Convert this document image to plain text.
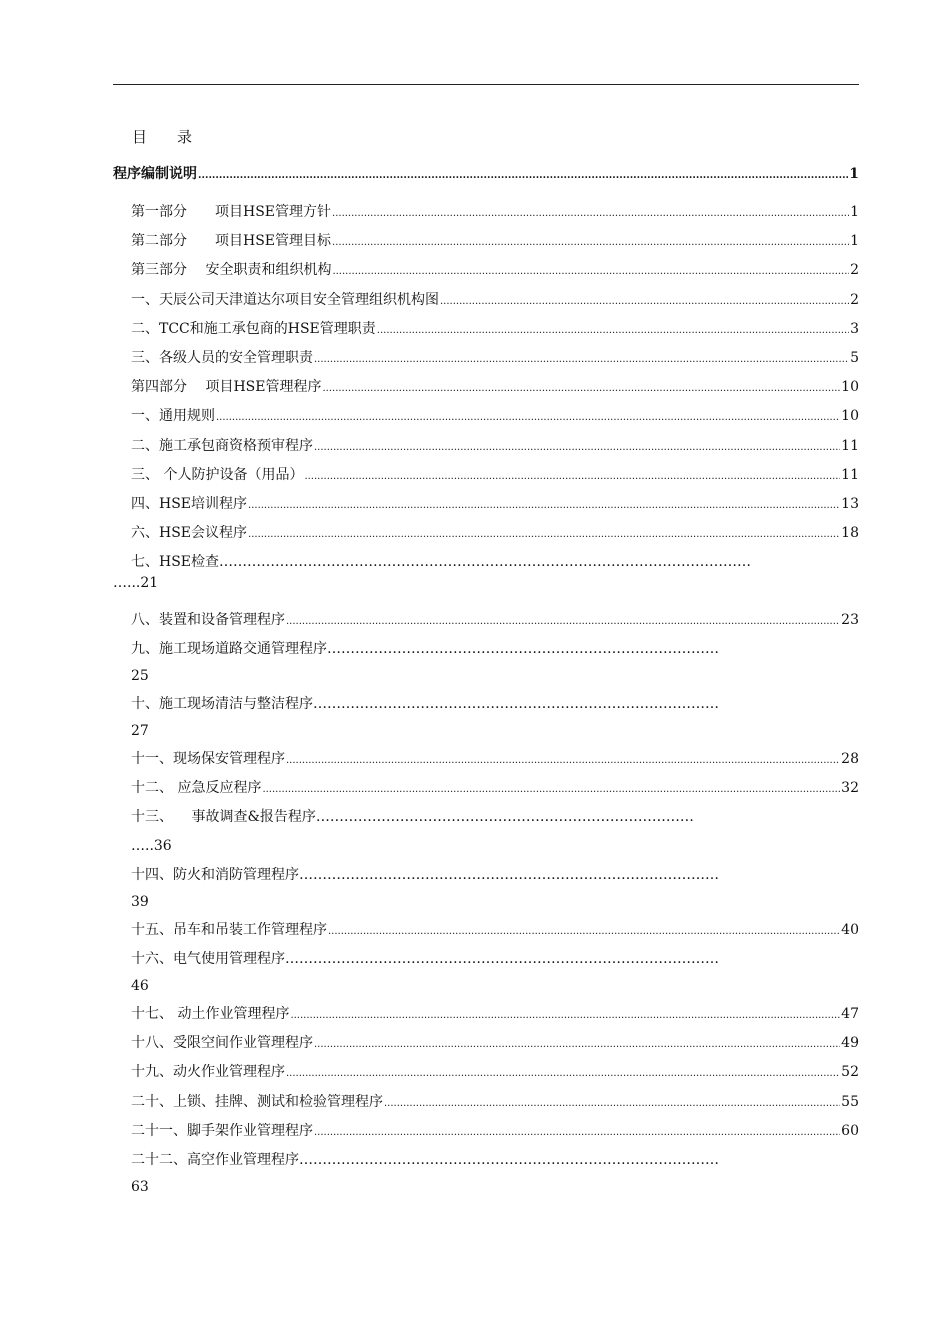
目 录
程序编制说明 .....	1
第一部分　　项目HSE管理方针 .....	1
第二部分　　项目HSE管理目标 .....	1
第三部分　 安全职责和组织机构 .....	2
一、天辰公司天津道达尔项目安全管理组织机构图 .....	2
二、TCC和施工承包商的HSE管理职责 .....	3
三、各级人员的安全管理职责 .....	5
第四部分　 项目HSE管理程序 .....	10
一、通用规则 .....	10
二、施工承包商资格预审程序 .....	11
三、 个人防护设备（用品） .....	11
四、HSE培训程序 .....	13
六、HSE会议程序 .....	18
七、HSE检查……………………………………………………………………………………………………
…...21
八、装置和设备管理程序 .....	23
九、施工现场道路交通管理程序…………………………………………………………………………
25
十、施工现场清洁与整洁程序……………………………………………………………………………
27
十一、现场保安管理程序 .....	28
十二、 应急反应程序 .....	32
十三、 　事故调查&报告程序………………………………………………………………………
…..36
十四、防火和消防管理程序………………………………………………………………………………
39
十五、吊车和吊装工作管理程序 .....	40
十六、电气使用管理程序…………………………………………………………………………………
46
十七、 动土作业管理程序 .....	47
十八、受限空间作业管理程序 .....	49
十九、动火作业管理程序 .....	52
二十、上锁、挂牌、测试和检验管理程序 .....	55
二十一、脚手架作业管理程序 .....	60
二十二、高空作业管理程序………………………………………………………………………………
63
